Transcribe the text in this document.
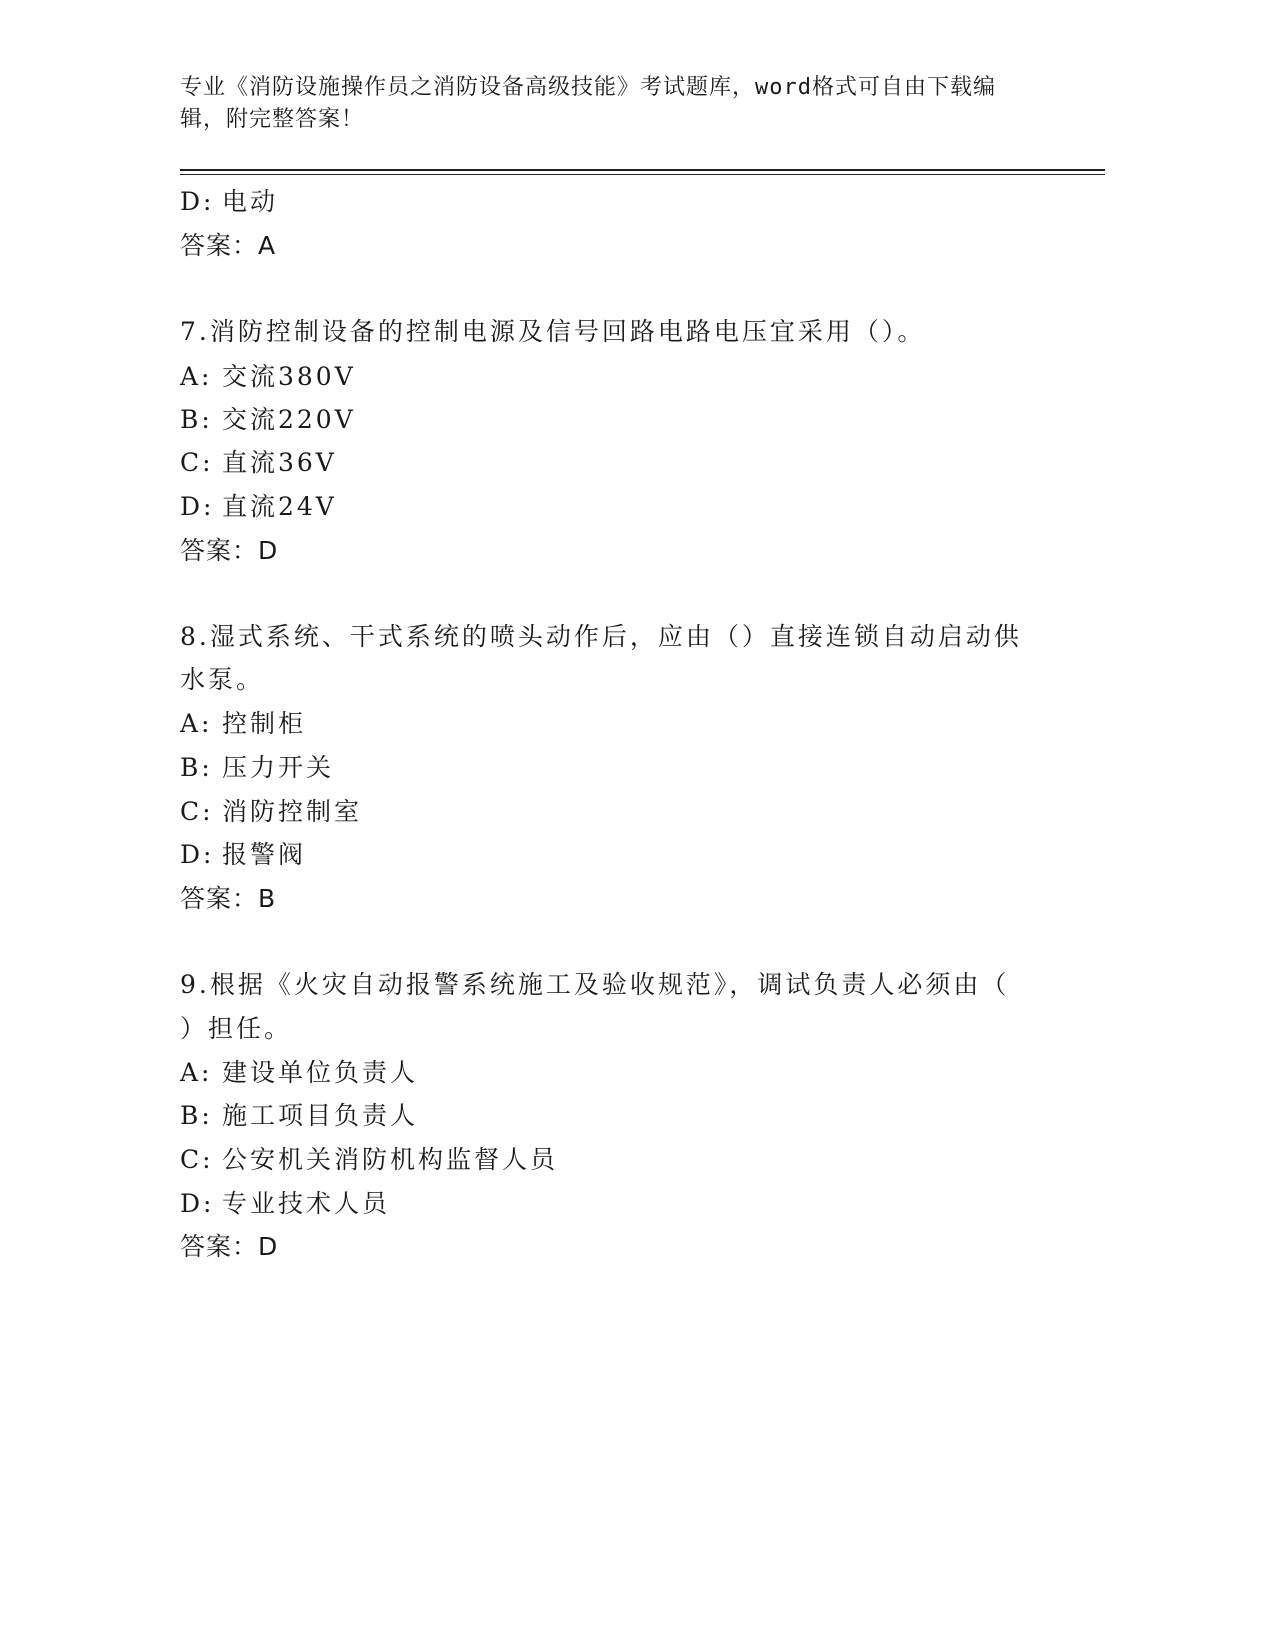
专业《消防设施操作员之消防设备高级技能》考试题库，word格式可自由下载编
辑，附完整答案！
D: 电动
答案：A
7.消防控制设备的控制电源及信号回路电路电压宜采用（）。
A: 交流380V
B: 交流220V
C: 直流36V
D: 直流24V
答案：D
8.湿式系统、干式系统的喷头动作后，应由（）直接连锁自动启动供
水泵。
A: 控制柜
B: 压力开关
C: 消防控制室
D: 报警阀
答案：B
9.根据《火灾自动报警系统施工及验收规范》，调试负责人必须由（
）担任。
A: 建设单位负责人
B: 施工项目负责人
C: 公安机关消防机构监督人员
D: 专业技术人员
答案：D
